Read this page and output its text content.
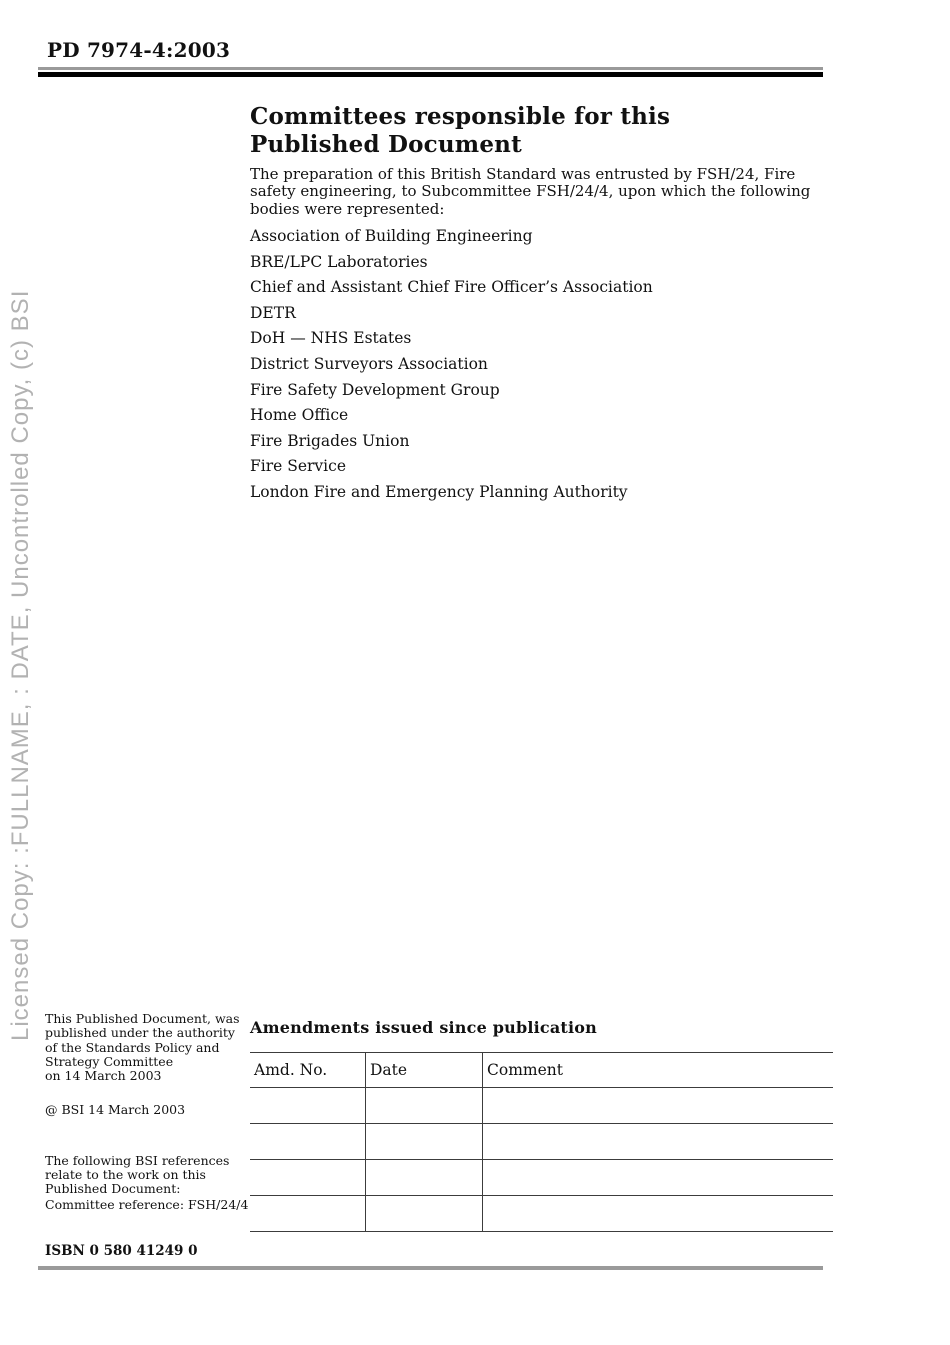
PD 7974-4:2003
Licensed Copy: :FULLNAME, : DATE, Uncontrolled Copy, (c) BSI
Committees responsible for this
Published Document
The preparation of this British Standard was entrusted by FSH/24, Fire safety engineering, to Subcommittee FSH/24/4, upon which the following bodies were represented:
Association of Building Engineering
BRE/LPC Laboratories
Chief and Assistant Chief Fire Officer’s Association
DETR
DoH — NHS Estates
District Surveyors Association
Fire Safety Development Group
Home Office
Fire Brigades Union
Fire Service
London Fire and Emergency Planning Authority
This Published Document, was
published under the authority
of the Standards Policy and
Strategy Committee
on 14 March 2003
@ BSI 14 March 2003
The following BSI references
relate to the work on this
Published Document:
Committee reference: FSH/24/4
Amendments issued since publication
Amd. No.	Date	Comment

ISBN 0 580 41249 0
